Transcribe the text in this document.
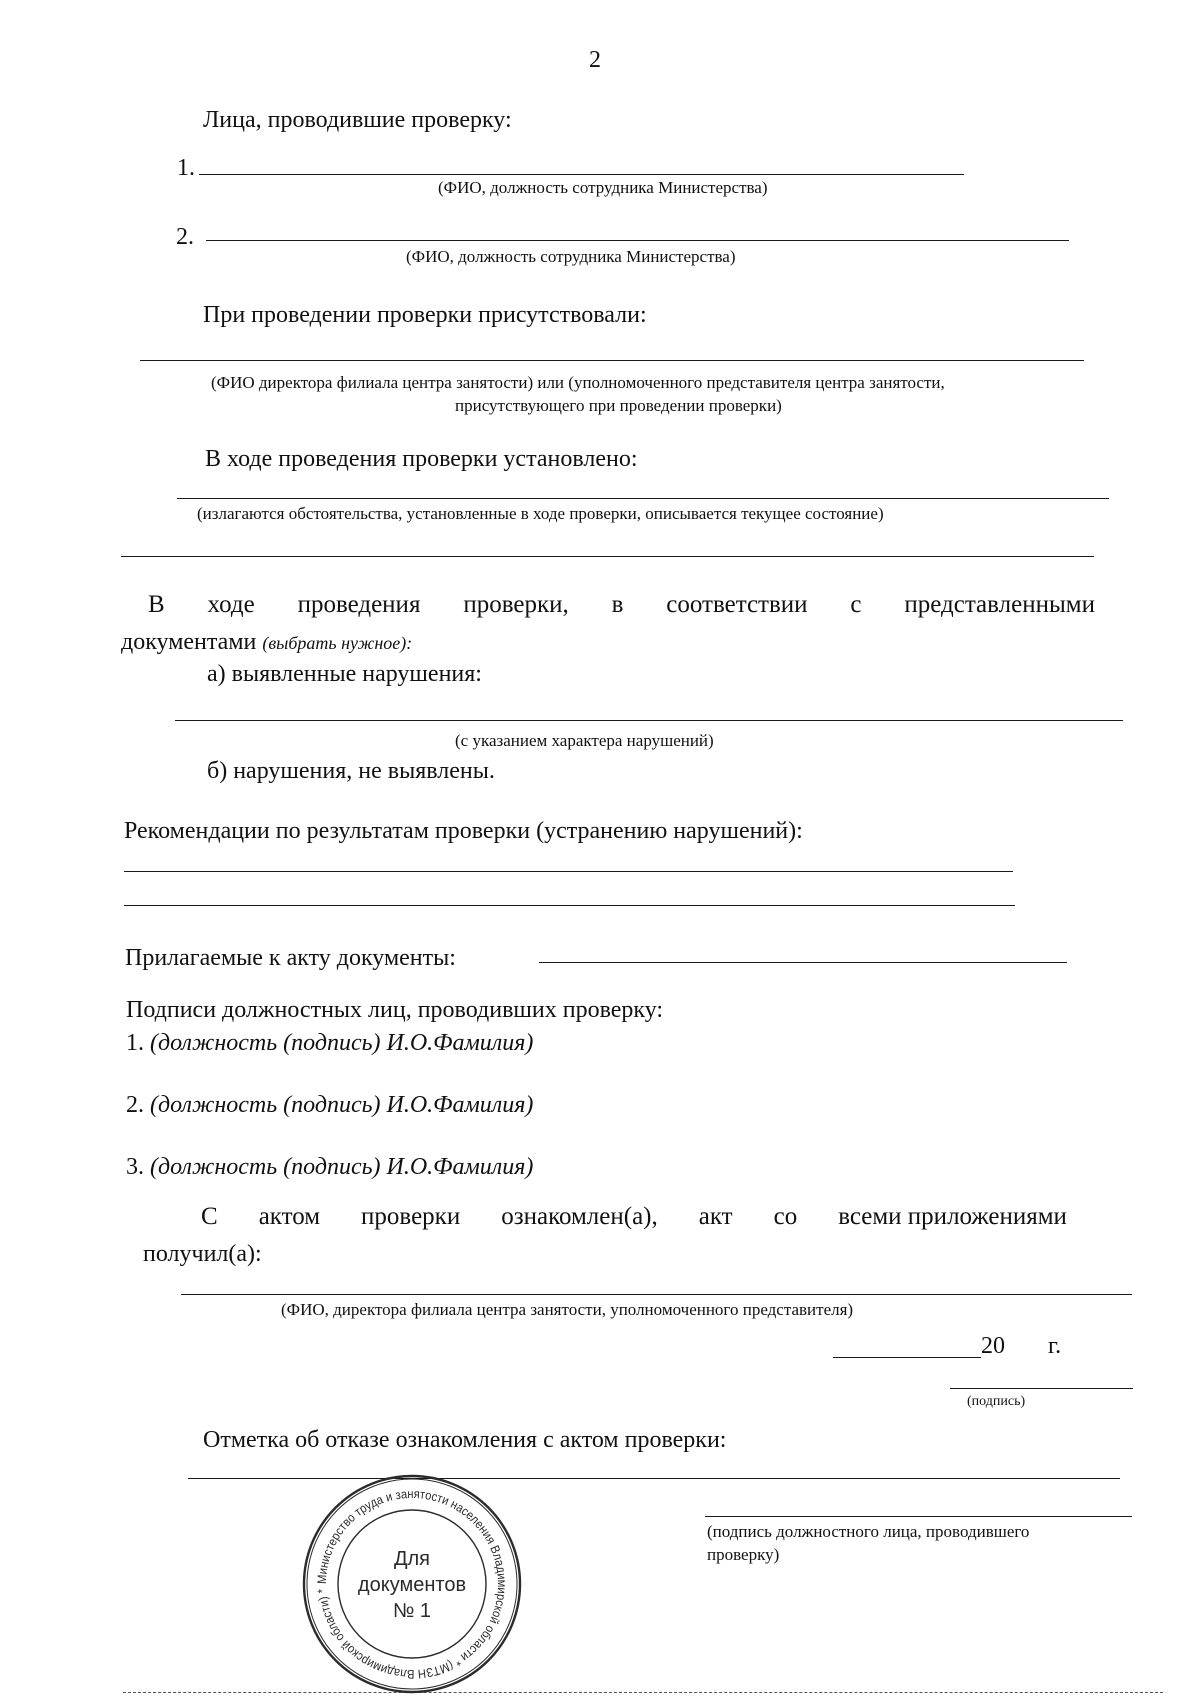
2
Лица, проводившие проверку:
1.
(ФИО, должность сотрудника Министерства)
2.
(ФИО, должность сотрудника Министерства)
При проведении проверки присутствовали:
(ФИО директора филиала центра занятости) или (уполномоченного представителя центра занятости,
присутствующего при проведении проверки)
В ходе проведения проверки установлено:
(излагаются обстоятельства, установленные в ходе проверки, описывается текущее состояние)
В ходе проведения проверки, в соответствии с представленными
документами (выбрать нужное):
а) выявленные нарушения:
(с указанием характера нарушений)
б) нарушения, не выявлены.
Рекомендации по результатам проверки (устранению нарушений):
Прилагаемые к акту документы:
Подписи должностных лиц, проводивших проверку:
1. (должность (подпись) И.О.Фамилия)
2. (должность (подпись) И.О.Фамилия)
3. (должность (подпись) И.О.Фамилия)
С актом проверки ознакомлен(а), акт со всеми приложениями
получил(а):
(ФИО, директора филиала центра занятости, уполномоченного представителя)
20 г.
(подпись)
Отметка об отказе ознакомления с актом проверки:
(подпись должностного лица, проводившего
проверку)
Министерство труда и занятости населения Владимирской области * (МТЗН Владимирской области) *
Для
документов
№ 1
